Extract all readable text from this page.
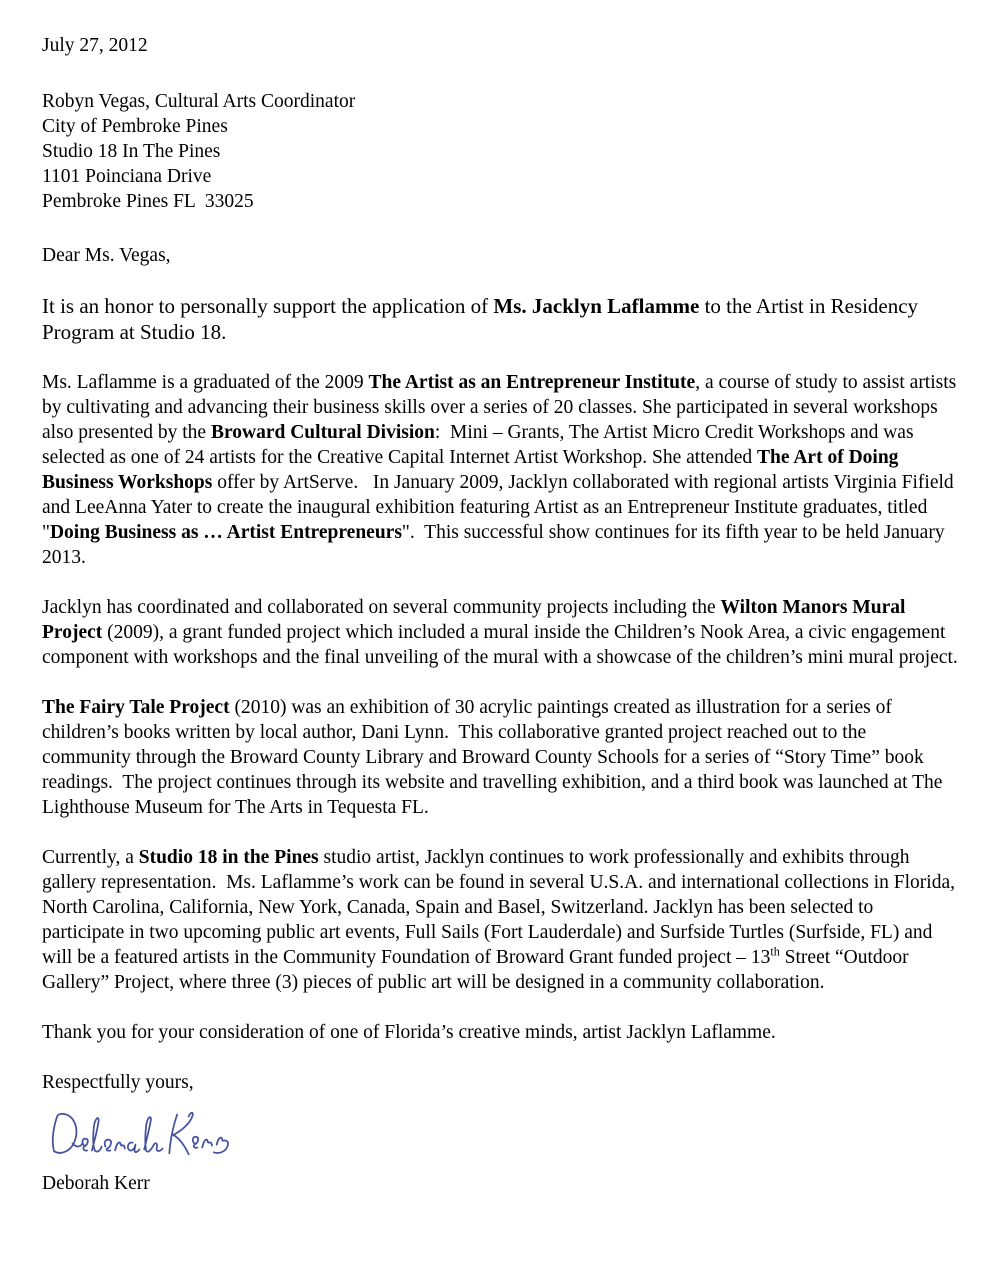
July 27, 2012
Robyn Vegas, Cultural Arts Coordinator
City of Pembroke Pines
Studio 18 In The Pines
1101 Poinciana Drive
Pembroke Pines FL  33025
Dear Ms. Vegas,

It is an honor to personally support the application of Ms. Jacklyn Laflamme to the Artist in Residency Program at Studio 18.

Ms. Laflamme is a graduated of the 2009 The Artist as an Entrepreneur Institute, a course of study to assist artists by cultivating and advancing their business skills over a series of 20 classes. She participated in several workshops also presented by the Broward Cultural Division:  Mini – Grants, The Artist Micro Credit Workshops and was selected as one of 24 artists for the Creative Capital Internet Artist Workshop. She attended The Art of Doing Business Workshops offer by ArtServe.   In January 2009, Jacklyn collaborated with regional artists Virginia Fifield and LeeAnna Yater to create the inaugural exhibition featuring Artist as an Entrepreneur Institute graduates, titled "Doing Business as … Artist Entrepreneurs".  This successful show continues for its fifth year to be held January 2013.

Jacklyn has coordinated and collaborated on several community projects including the Wilton Manors Mural Project (2009), a grant funded project which included a mural inside the Children’s Nook Area, a civic engagement component with workshops and the final unveiling of the mural with a showcase of the children’s mini mural project.

The Fairy Tale Project (2010) was an exhibition of 30 acrylic paintings created as illustration for a series of children’s books written by local author, Dani Lynn.  This collaborative granted project reached out to the community through the Broward County Library and Broward County Schools for a series of “Story Time” book readings.  The project continues through its website and travelling exhibition, and a third book was launched at The Lighthouse Museum for The Arts in Tequesta FL.

Currently, a Studio 18 in the Pines studio artist, Jacklyn continues to work professionally and exhibits through gallery representation.  Ms. Laflamme’s work can be found in several U.S.A. and international collections in Florida, North Carolina, California, New York, Canada, Spain and Basel, Switzerland. Jacklyn has been selected to participate in two upcoming public art events, Full Sails (Fort Lauderdale) and Surfside Turtles (Surfside, FL) and will be a featured artists in the Community Foundation of Broward Grant funded project – 13th Street “Outdoor Gallery” Project, where three (3) pieces of public art will be designed in a community collaboration.

Thank you for your consideration of one of Florida’s creative minds, artist Jacklyn Laflamme.

Respectfully yours,
Deborah Kerr
